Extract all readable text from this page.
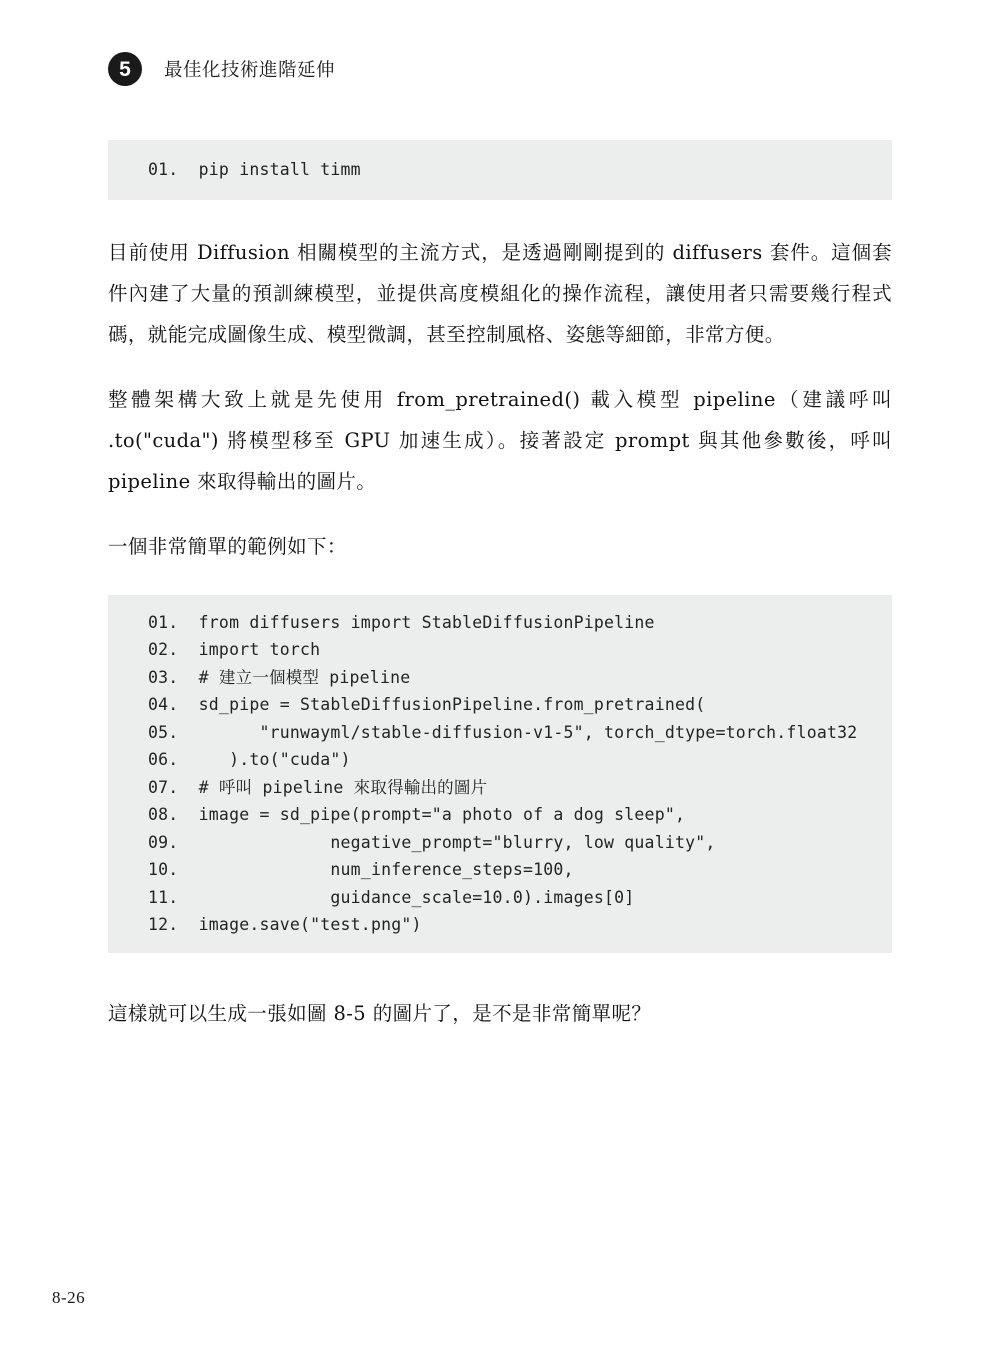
5	最佳化技術進階延伸
01.  pip install timm
目前使用 Diffusion 相關模型的主流方式，是透過剛剛提到的 diffusers 套件。這個套件內建了大量的預訓練模型，並提供高度模組化的操作流程，讓使用者只需要幾行程式碼，就能完成圖像生成、模型微調，甚至控制風格、姿態等細節，非常方便。
整體架構大致上就是先使用 from_pretrained() 載入模型 pipeline（建議呼叫 .to("cuda") 將模型移至 GPU 加速生成）。接著設定 prompt 與其他參數後，呼叫 pipeline 來取得輸出的圖片。
一個非常簡單的範例如下：
01.  from diffusers import StableDiffusionPipeline
02.  import torch
03.  # 建立一個模型 pipeline
04.  sd_pipe = StableDiffusionPipeline.from_pretrained(
05.        "runwayml/stable-diffusion-v1-5", torch_dtype=torch.float32
06.     ).to("cuda")
07.  # 呼叫 pipeline 來取得輸出的圖片
08.  image = sd_pipe(prompt="a photo of a dog sleep",
09.               negative_prompt="blurry, low quality",
10.               num_inference_steps=100,
11.               guidance_scale=10.0).images[0]
12.  image.save("test.png")
這樣就可以生成一張如圖 8-5 的圖片了，是不是非常簡單呢？
8-26
